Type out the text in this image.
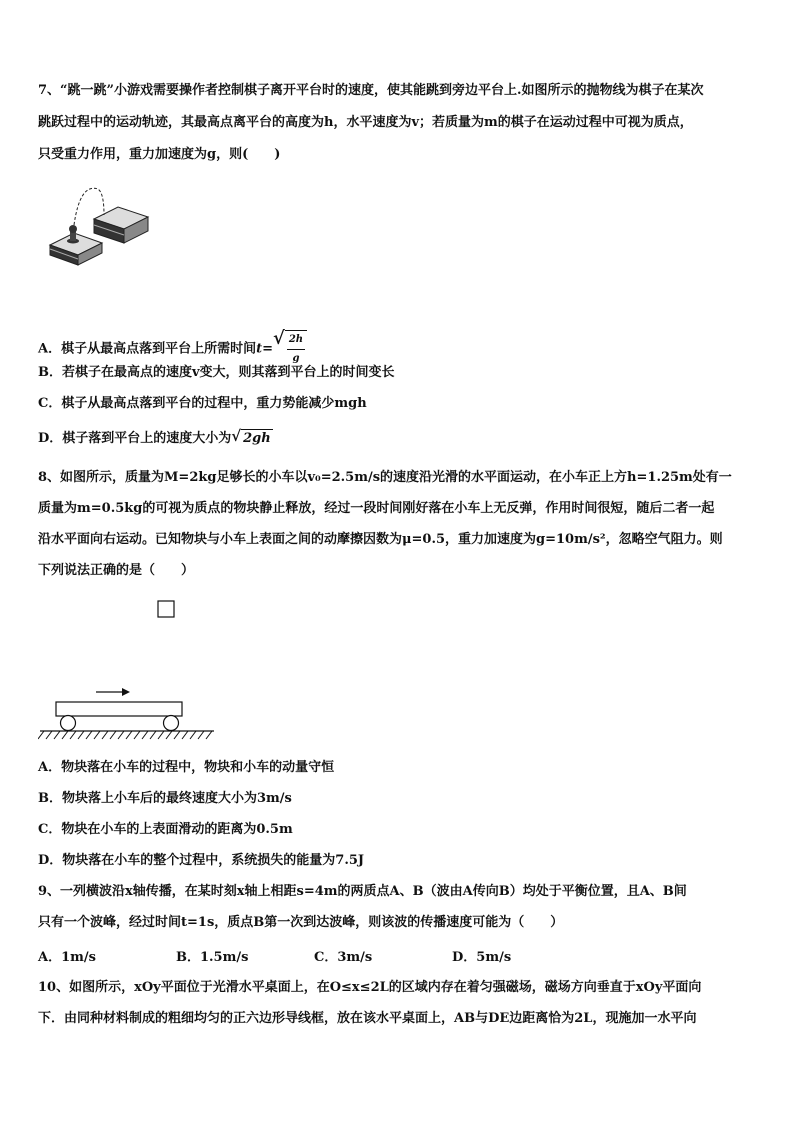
7、“跳一跳”小游戏需要操作者控制棋子离开平台时的速度，使其能跳到旁边平台上.如图所示的抛物线为棋子在某次
跳跃过程中的运动轨迹，其最高点离平台的高度为h，水平速度为v；若质量为m的棋子在运动过程中可视为质点，
只受重力作用，重力加速度为g，则(　　)
A．棋子从最高点落到平台上所需时间t= √ $\frac{2h}{g}$
B．若棋子在最高点的速度v变大，则其落到平台上的时间变长
C．棋子从最高点落到平台的过程中，重力势能减少mgh
D．棋子落到平台上的速度大小为 √ 2gh
8、如图所示，质量为M=2kg足够长的小车以v₀=2.5m/s的速度沿光滑的水平面运动，在小车正上方h=1.25m处有一
质量为m=0.5kg的可视为质点的物块静止释放，经过一段时间刚好落在小车上无反弹，作用时间很短，随后二者一起
沿水平面向右运动。已知物块与小车上表面之间的动摩擦因数为μ=0.5，重力加速度为g=10m/s²，忽略空气阻力。则
下列说法正确的是（　　）
A．物块落在小车的过程中，物块和小车的动量守恒
B．物块落上小车后的最终速度大小为3m/s
C．物块在小车的上表面滑动的距离为0.5m
D．物块落在小车的整个过程中，系统损失的能量为7.5J
9、一列横波沿x轴传播，在某时刻x轴上相距s=4m的两质点A、B（波由A传向B）均处于平衡位置，且A、B间
只有一个波峰，经过时间t=1s，质点B第一次到达波峰，则该波的传播速度可能为（　　）
A．1m/s	B．1.5m/s	C．3m/s	D．5m/s
10、如图所示，xOy平面位于光滑水平桌面上，在O≤x≤2L的区域内存在着匀强磁场，磁场方向垂直于xOy平面向
下．由同种材料制成的粗细均匀的正六边形导线框，放在该水平桌面上，AB与DE边距离恰为2L，现施加一水平向
